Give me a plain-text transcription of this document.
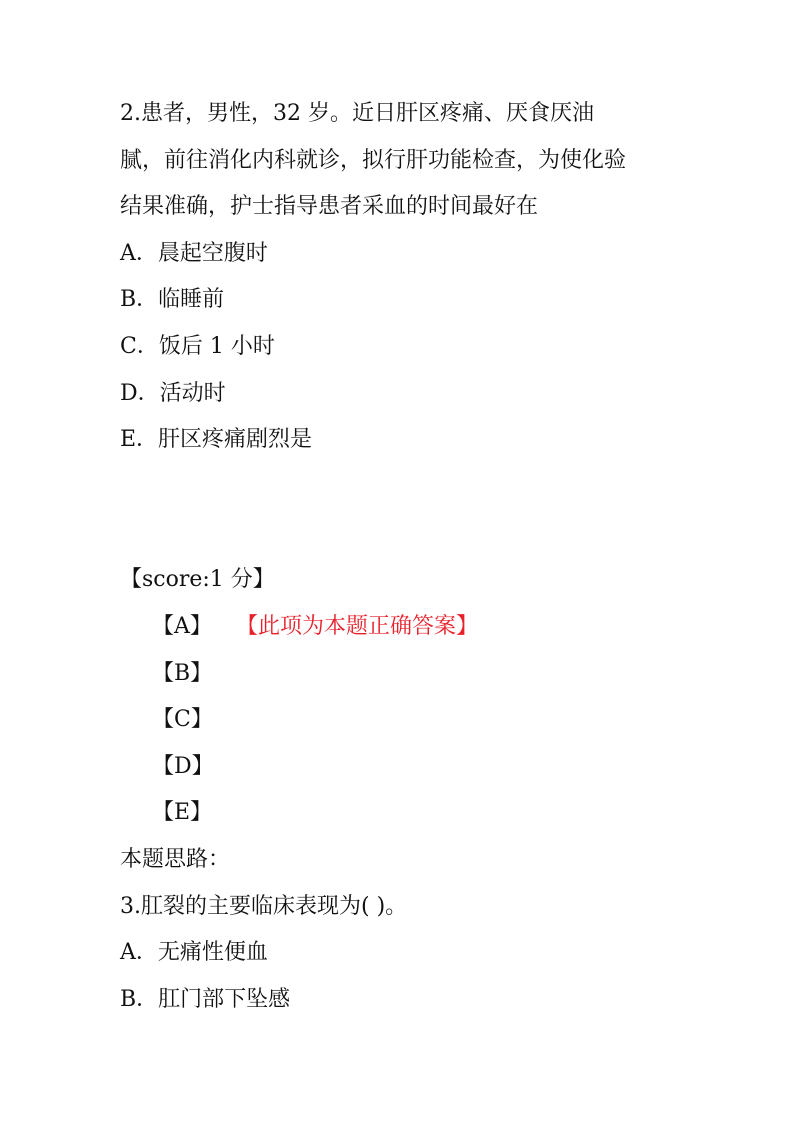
2.患者，男性，32 岁。近日肝区疼痛、厌食厌油
腻，前往消化内科就诊，拟行肝功能检查，为使化验
结果准确，护士指导患者采血的时间最好在
A．晨起空腹时
B．临睡前
C．饭后 1 小时
D．活动时
E．肝区疼痛剧烈是
【score:1 分】
【A】 【此项为本题正确答案】
【B】
【C】
【D】
【E】
本题思路：
3.肛裂的主要临床表现为( )。
A．无痛性便血
B．肛门部下坠感
